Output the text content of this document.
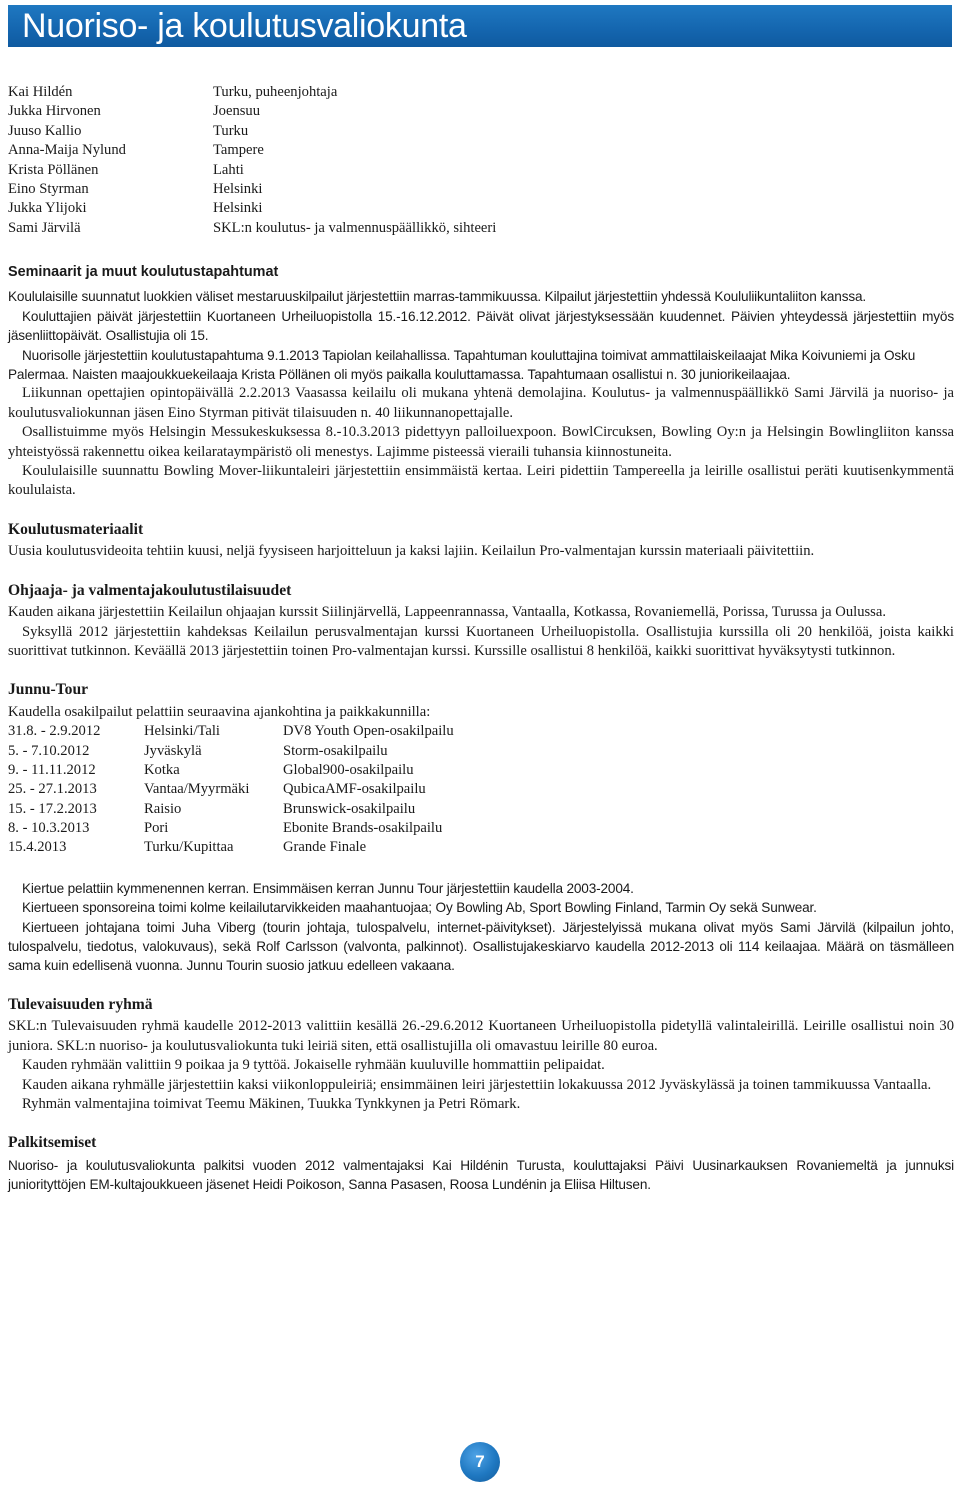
Nuoriso- ja koulutusvaliokunta
Kai Hildén	Turku, puheenjohtaja
Jukka Hirvonen	Joensuu
Juuso Kallio	Turku
Anna-Maija Nylund	Tampere
Krista Pöllänen	Lahti
Eino Styrman	Helsinki
Jukka Ylijoki	Helsinki
Sami Järvilä	SKL:n koulutus- ja valmennuspäällikkö, sihteeri
Seminaarit ja muut koulutustapahtumat

Koululaisille suunnatut luokkien väliset mestaruuskilpailut järjestettiin marras-tammikuussa. Kilpailut järjestettiin yhdessä Koululiikuntaliiton kanssa.

Kouluttajien päivät järjestettiin Kuortaneen Urheiluopistolla 15.-16.12.2012. Päivät olivat järjestyksessään kuudennet. Päivien yhteydessä järjestettiin myös jäsenliittopäivät. Osallistujia oli 15.

Nuorisolle järjestettiin koulutustapahtuma 9.1.2013 Tapiolan keilahallissa. Tapahtuman kouluttajina toimivat ammattilaiskeilaajat Mika Koivuniemi ja Osku Palermaa. Naisten maajoukkuekeilaaja Krista Pöllänen oli myös paikalla kouluttamassa. Tapahtumaan osallistui n. 30 juniorikeilaajaa.

Liikunnan opettajien opintopäivällä 2.2.2013 Vaasassa keilailu oli mukana yhtenä demolajina. Koulutus- ja valmennuspäällikkö Sami Järvilä ja nuoriso- ja koulutusvaliokunnan jäsen Eino Styrman pitivät tilaisuuden n. 40 liikunnanopettajalle.

Osallistuimme myös Helsingin Messukeskuksessa 8.-10.3.2013 pidettyyn palloiluexpoon. BowlCircuksen, Bowling Oy:n ja Helsingin Bowlingliiton kanssa yhteistyössä rakennettu oikea keilarataympäristö oli menestys. Lajimme pisteessä vieraili tuhansia kiinnostuneita.

Koululaisille suunnattu Bowling Mover-liikuntaleiri järjestettiin ensimmäistä kertaa. Leiri pidettiin Tampereella ja leirille osallistui peräti kuutisenkymmentä koululaista.

Koulutusmateriaalit

Uusia koulutusvideoita tehtiin kuusi, neljä fyysiseen harjoitteluun ja kaksi lajiin. Keilailun Pro-valmentajan kurssin materiaali päivitettiin.

Ohjaaja- ja valmentajakoulutustilaisuudet

Kauden aikana järjestettiin Keilailun ohjaajan kurssit Siilinjärvellä, Lappeenrannassa, Vantaalla, Kotkassa, Rovaniemellä, Porissa, Turussa ja Oulussa.

Syksyllä 2012 järjestettiin kahdeksas Keilailun perusvalmentajan kurssi Kuortaneen Urheiluopistolla. Osallistujia kurssilla oli 20 henkilöä, joista kaikki suorittivat tutkinnon. Keväällä 2013 järjestettiin toinen Pro-valmentajan kurssi. Kurssille osallistui 8 henkilöä, kaikki suorittivat hyväksytysti tutkinnon.

Junnu-Tour

Kaudella osakilpailut pelattiin seuraavina ajankohtina ja paikkakunnilla:

31.8. - 2.9.2012	Helsinki/Tali	DV8 Youth Open-osakilpailu
5. - 7.10.2012	Jyväskylä	Storm-osakilpailu
9. - 11.11.2012	Kotka	Global900-osakilpailu
25. - 27.1.2013	Vantaa/Myyrmäki	QubicaAMF-osakilpailu
15. - 17.2.2013	Raisio	Brunswick-osakilpailu
8. - 10.3.2013	Pori	Ebonite Brands-osakilpailu
15.4.2013	Turku/Kupittaa	Grande Finale

Kiertue pelattiin kymmenennen kerran. Ensimmäisen kerran Junnu Tour järjestettiin kaudella 2003-2004.

Kiertueen sponsoreina toimi kolme keilailutarvikkeiden maahantuojaa; Oy Bowling Ab, Sport Bowling Finland, Tarmin Oy sekä Sunwear.

Kiertueen johtajana toimi Juha Viberg (tourin johtaja, tulospalvelu, internet-päivitykset). Järjestelyissä mukana olivat myös Sami Järvilä (kilpailun johto, tulospalvelu, tiedotus, valokuvaus), sekä Rolf Carlsson (valvonta, palkinnot). Osallistujakeskiarvo kaudella 2012-2013 oli 114 keilaajaa. Määrä on täsmälleen sama kuin edellisenä vuonna. Junnu Tourin suosio jatkuu edelleen vakaana.

Tulevaisuuden ryhmä

SKL:n Tulevaisuuden ryhmä kaudelle 2012-2013 valittiin kesällä 26.-29.6.2012 Kuortaneen Urheiluopistolla pidetyllä valintaleirillä. Leirille osallistui noin 30 juniora. SKL:n nuoriso- ja koulutusvaliokunta tuki leiriä siten, että osallistujilla oli omavastuu leirille 80 euroa.

Kauden ryhmään valittiin 9 poikaa ja 9 tyttöä. Jokaiselle ryhmään kuuluville hommattiin pelipaidat.

Kauden aikana ryhmälle järjestettiin kaksi viikonloppuleiriä; ensimmäinen leiri järjestettiin lokakuussa 2012 Jyväskylässä ja toinen tammikuussa Vantaalla.

Ryhmän valmentajina toimivat Teemu Mäkinen, Tuukka Tynkkynen ja Petri Römark.

Palkitsemiset

Nuoriso- ja koulutusvaliokunta palkitsi vuoden 2012 valmentajaksi Kai Hildénin Turusta, kouluttajaksi Päivi Uusinarkauksen Rovaniemeltä ja junnuksi juniorityttöjen EM-kultajoukkueen jäsenet Heidi Poikoson, Sanna Pasasen, Roosa Lundénin ja Eliisa Hiltusen.

7
